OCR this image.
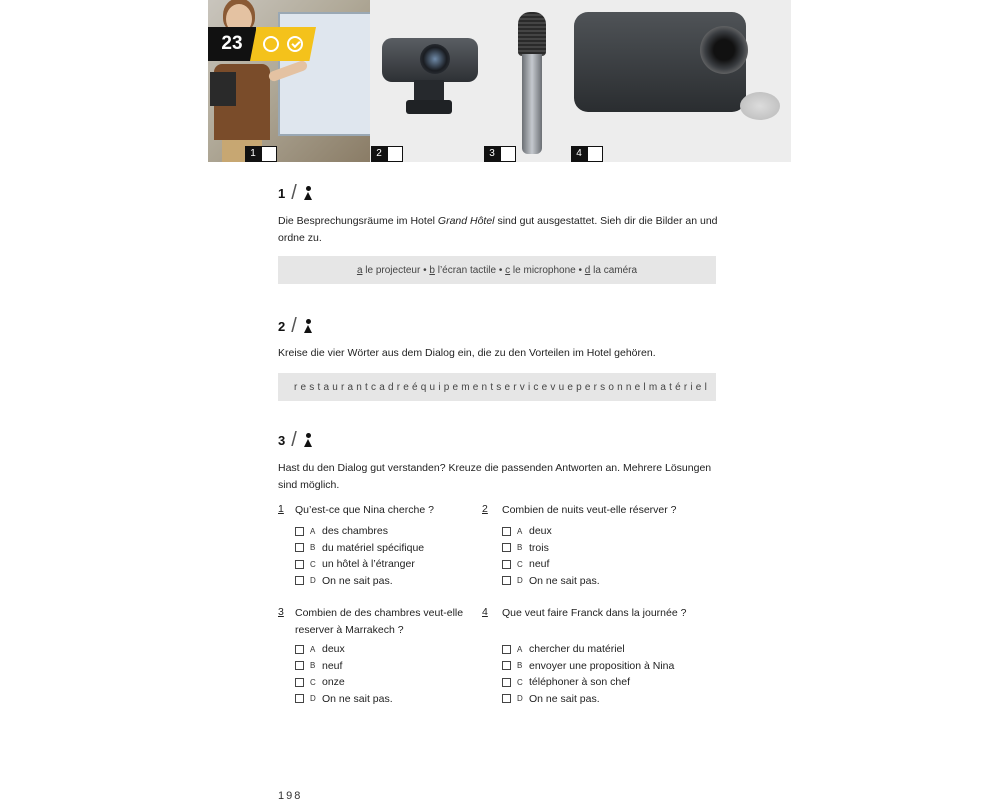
1	2	3	4
23
1 /
Die Besprechungsräume im Hotel Grand Hôtel sind gut ausgestattet. Sieh dir die Bilder an und ordne zu.
a le projecteur • b l’écran tactile • c le microphone • d la caméra
2 /
Kreise die vier Wörter aus dem Dialog ein, die zu den Vorteilen im Hotel gehören.
restaurantcadreéquipementservicevuepersonnelmatériel
3 /
Hast du den Dialog gut verstanden? Kreuze die passenden Antworten an. Mehrere Lösungen sind möglich.
1 Qu’est-ce que Nina cherche ?
A des chambres
B du matériel spécifique
C un hôtel à l’étranger
D On ne sait pas.
2 Combien de nuits veut-elle réserver ?
A deux
B trois
C neuf
D On ne sait pas.
3 Combien de des chambres veut-elle reserver à Marrakech ?
A deux
B neuf
C onze
D On ne sait pas.
4 Que veut faire Franck dans la journée ?
A chercher du matériel
B envoyer une proposition à Nina
C téléphoner à son chef
D On ne sait pas.
198
